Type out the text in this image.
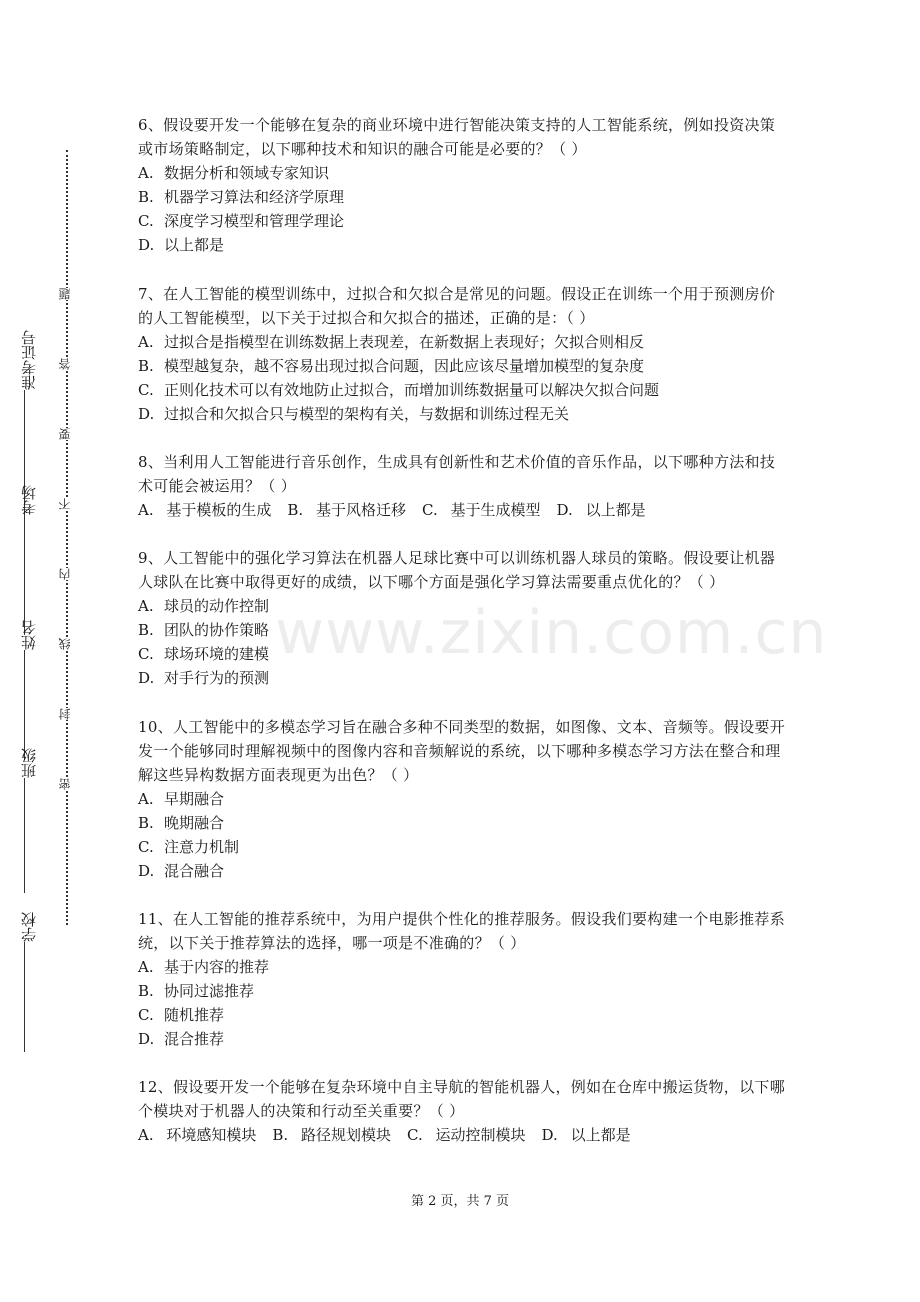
准考证号
考场
姓名
班级
学校
题
答
要
不
内
线
封
密
www.zixin.com.cn

6、假设要开发一个能够在复杂的商业环境中进行智能决策支持的人工智能系统，例如投资决策或市场策略制定，以下哪种技术和知识的融合可能是必要的？（ ）

A. 数据分析和领域专家知识

B. 机器学习算法和经济学原理

C. 深度学习模型和管理学理论

D. 以上都是

7、在人工智能的模型训练中，过拟合和欠拟合是常见的问题。假设正在训练一个用于预测房价的人工智能模型，以下关于过拟合和欠拟合的描述，正确的是：（ ）

A. 过拟合是指模型在训练数据上表现差，在新数据上表现好；欠拟合则相反

B. 模型越复杂，越不容易出现过拟合问题，因此应该尽量增加模型的复杂度

C. 正则化技术可以有效地防止过拟合，而增加训练数据量可以解决欠拟合问题

D. 过拟合和欠拟合只与模型的架构有关，与数据和训练过程无关

8、当利用人工智能进行音乐创作，生成具有创新性和艺术价值的音乐作品，以下哪种方法和技术可能会被运用？（ ）

A. 基于模板的生成 B. 基于风格迁移 C. 基于生成模型 D. 以上都是

9、人工智能中的强化学习算法在机器人足球比赛中可以训练机器人球员的策略。假设要让机器人球队在比赛中取得更好的成绩，以下哪个方面是强化学习算法需要重点优化的？（ ）

A. 球员的动作控制

B. 团队的协作策略

C. 球场环境的建模

D. 对手行为的预测

10、人工智能中的多模态学习旨在融合多种不同类型的数据，如图像、文本、音频等。假设要开发一个能够同时理解视频中的图像内容和音频解说的系统，以下哪种多模态学习方法在整合和理解这些异构数据方面表现更为出色？（ ）

A. 早期融合

B. 晚期融合

C. 注意力机制

D. 混合融合

11、在人工智能的推荐系统中，为用户提供个性化的推荐服务。假设我们要构建一个电影推荐系统，以下关于推荐算法的选择，哪一项是不准确的？（ ）

A. 基于内容的推荐

B. 协同过滤推荐

C. 随机推荐

D. 混合推荐

12、假设要开发一个能够在复杂环境中自主导航的智能机器人，例如在仓库中搬运货物，以下哪个模块对于机器人的决策和行动至关重要？（ ）

A. 环境感知模块 B. 路径规划模块 C. 运动控制模块 D. 以上都是

第 2 页，共 7 页
